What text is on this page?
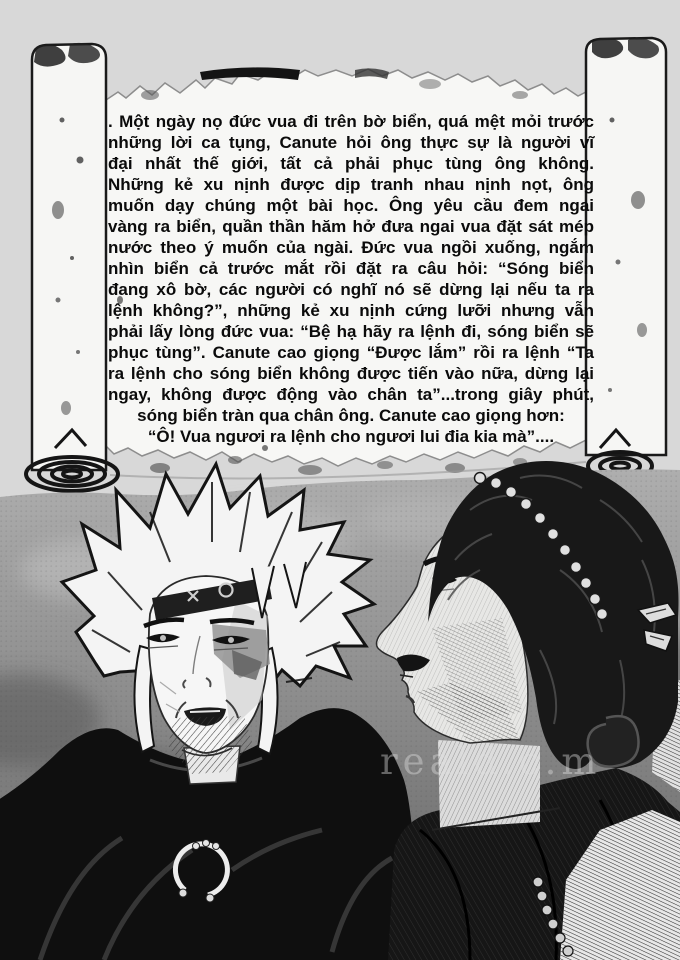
. Một ngày nọ đức vua đi trên bờ biển, quá mệt mỏi trước
những lời ca tụng, Canute hỏi ông thực sự là người vĩ
đại nhất thế giới, tất cả phải phục tùng ông không.
Những kẻ xu nịnh được dịp tranh nhau nịnh nọt, ông
muốn dạy chúng một bài học. Ông yêu cầu đem ngai
vàng ra biển, quần thần hăm hở đưa ngai vua đặt sát mép
nước theo ý muốn của ngài. Đức vua ngồi xuống, ngắm
nhìn biển cả trước mắt rồi đặt ra câu hỏi: “Sóng biển
đang xô bờ, các người có nghĩ nó sẽ dừng lại nếu ta ra
lệnh không?”, những kẻ xu nịnh cứng lưỡi nhưng vẫn
phải lấy lòng đức vua: “Bệ hạ hãy ra lệnh đi, sóng biển sẽ
phục tùng”. Canute cao giọng “Được lắm” rồi ra lệnh “Ta
ra lệnh cho sóng biển không được tiến vào nữa, dừng lại
ngay, không được động vào chân ta”...trong giây phút,
sóng biển tràn qua chân ông. Canute cao giọng hơn:
“Ô! Vua ngươi ra lệnh cho ngươi lui đia kia mà”....
reald.c.m
